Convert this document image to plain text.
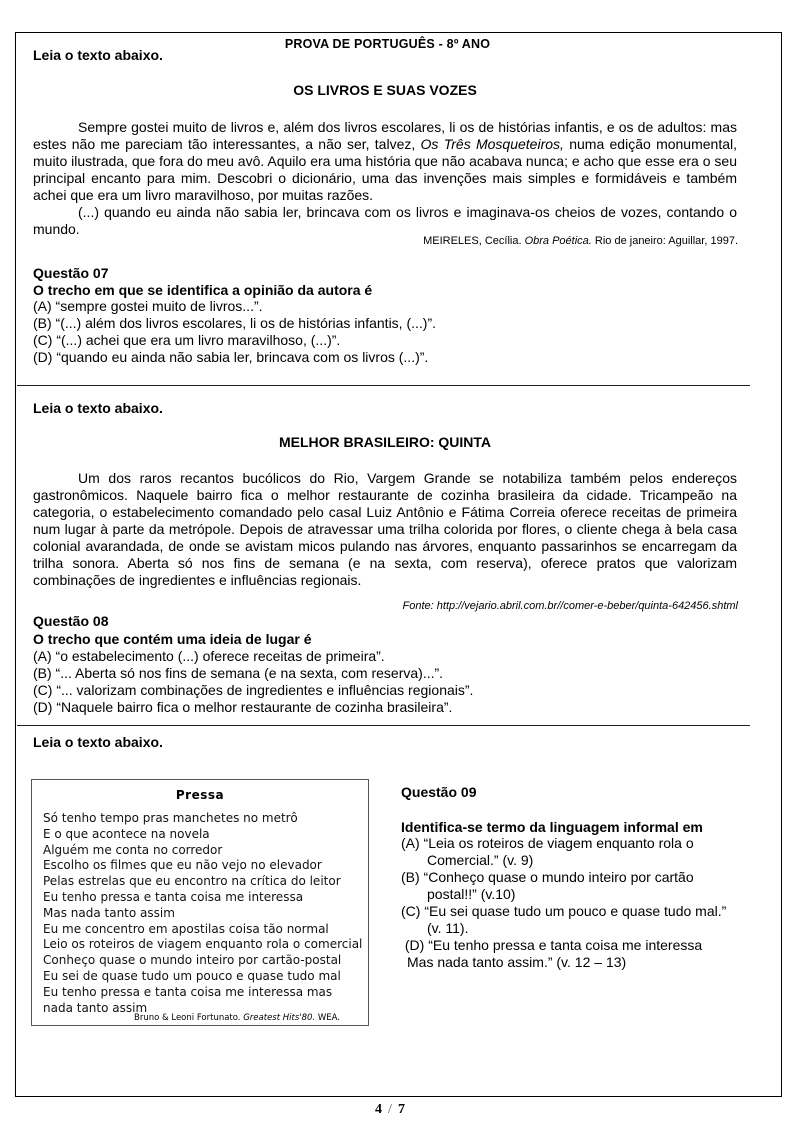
PROVA DE PORTUGUÊS - 8º ANO
Leia o texto abaixo.
OS LIVROS E SUAS VOZES

Sempre gostei muito de livros e, além dos livros escolares, li os de histórias infantis, e os de adultos: mas estes não me pareciam tão interessantes, a não ser, talvez, Os Três Mosqueteiros, numa edição monumental, muito ilustrada, que fora do meu avô. Aquilo era uma história que não acabava nunca; e acho que esse era o seu principal encanto para mim. Descobri o dicionário, uma das invenções mais simples e formidáveis e também achei que era um livro maravilhoso, por muitas razões.

(...) quando eu ainda não sabia ler, brincava com os livros e imaginava-os cheios de vozes, contando o mundo.

MEIRELES, Cecília. Obra Poética. Rio de janeiro: Aguillar, 1997.
Questão 07
O trecho em que se identifica a opinião da autora é
(A) “sempre gostei muito de livros...”.
(B) “(...) além dos livros escolares, li os de histórias infantis, (...)”.
(C) “(...) achei que era um livro maravilhoso, (...)”.
(D) “quando eu ainda não sabia ler, brincava com os livros (...)”.
Leia o texto abaixo.
MELHOR BRASILEIRO: QUINTA

Um dos raros recantos bucólicos do Rio, Vargem Grande se notabiliza também pelos endereços gastronômicos. Naquele bairro fica o melhor restaurante de cozinha brasileira da cidade. Tricampeão na categoria, o estabelecimento comandado pelo casal Luiz Antônio e Fátima Correia oferece receitas de primeira num lugar à parte da metrópole. Depois de atravessar uma trilha colorida por flores, o cliente chega à bela casa colonial avarandada, de onde se avistam micos pulando nas árvores, enquanto passarinhos se encarregam da trilha sonora. Aberta só nos fins de semana (e na sexta, com reserva), oferece pratos que valorizam combinações de ingredientes e influências regionais.

Fonte: http://vejario.abril.com.br//comer-e-beber/quinta-642456.shtml
Questão 08
O trecho que contém uma ideia de lugar é
(A) “o estabelecimento (...) oferece receitas de primeira”.
(B) “... Aberta só nos fins de semana (e na sexta, com reserva)...”.
(C) “... valorizam combinações de ingredientes e influências regionais”.
(D) “Naquele bairro fica o melhor restaurante de cozinha brasileira”.
Leia o texto abaixo.
Pressa
Só tenho tempo pras manchetes no metrô
E o que acontece na novela
Alguém me conta no corredor
Escolho os filmes que eu não vejo no elevador
Pelas estrelas que eu encontro na crítica do leitor
Eu tenho pressa e tanta coisa me interessa
Mas nada tanto assim
Eu me concentro em apostilas coisa tão normal
Leio os roteiros de viagem enquanto rola o comercial
Conheço quase o mundo inteiro por cartão-postal
Eu sei de quase tudo um pouco e quase tudo mal
Eu tenho pressa e tanta coisa me interessa mas
nada tanto assim
Bruno & Leoni Fortunato. Greatest Hits'80. WEA.
Questão 09
Identifica-se termo da linguagem informal em
(A) “Leia os roteiros de viagem enquanto rola o
Comercial.” (v. 9)
(B) “Conheço quase o mundo inteiro por cartão
postal!!” (v.10)
(C) “Eu sei quase tudo um pouco e quase tudo mal.”
(v. 11).
(D) “Eu tenho pressa e tanta coisa me interessa
Mas nada tanto assim.” (v. 12 – 13)
4 / 7
